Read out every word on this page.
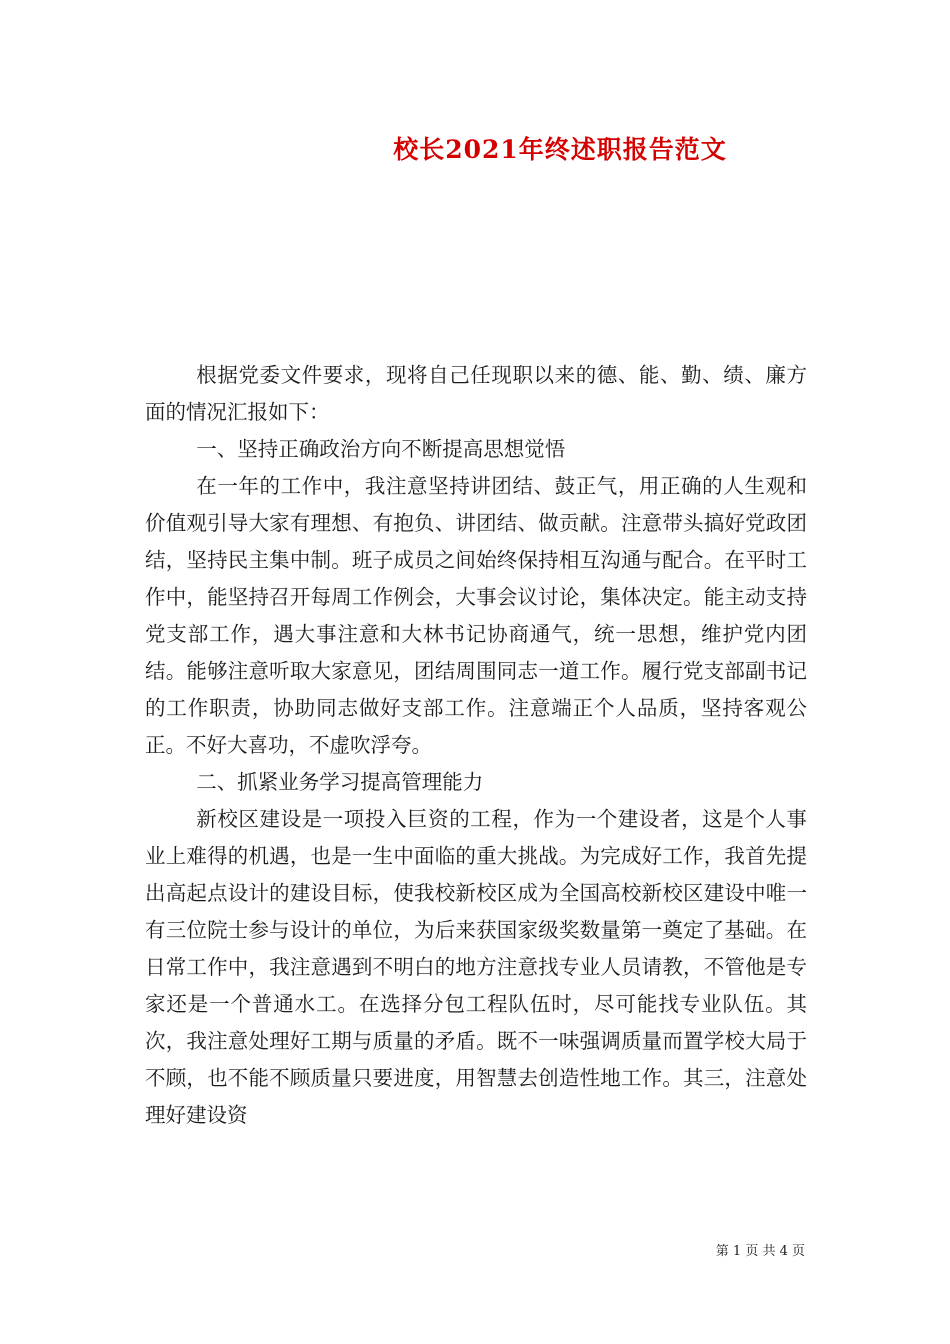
校长2021年终述职报告范文

根据党委文件要求，现将自己任现职以来的德、能、勤、绩、廉方面的情况汇报如下：

一、坚持正确政治方向不断提高思想觉悟

在一年的工作中，我注意坚持讲团结、鼓正气，用正确的人生观和价值观引导大家有理想、有抱负、讲团结、做贡献。注意带头搞好党政团结，坚持民主集中制。班子成员之间始终保持相互沟通与配合。在平时工作中，能坚持召开每周工作例会，大事会议讨论，集体决定。能主动支持党支部工作，遇大事注意和大林书记协商通气，统一思想，维护党内团结。能够注意听取大家意见，团结周围同志一道工作。履行党支部副书记的工作职责，协助同志做好支部工作。注意端正个人品质，坚持客观公正。不好大喜功，不虚吹浮夸。

二、抓紧业务学习提高管理能力

新校区建设是一项投入巨资的工程，作为一个建设者，这是个人事业上难得的机遇，也是一生中面临的重大挑战。为完成好工作，我首先提出高起点设计的建设目标，使我校新校区成为全国高校新校区建设中唯一有三位院士参与设计的单位，为后来获国家级奖数量第一奠定了基础。在日常工作中，我注意遇到不明白的地方注意找专业人员请教，不管他是专家还是一个普通水工。在选择分包工程队伍时，尽可能找专业队伍。其次，我注意处理好工期与质量的矛盾。既不一味强调质量而置学校大局于不顾，也不能不顾质量只要进度，用智慧去创造性地工作。其三，注意处理好建设资

第 1 页 共 4 页
